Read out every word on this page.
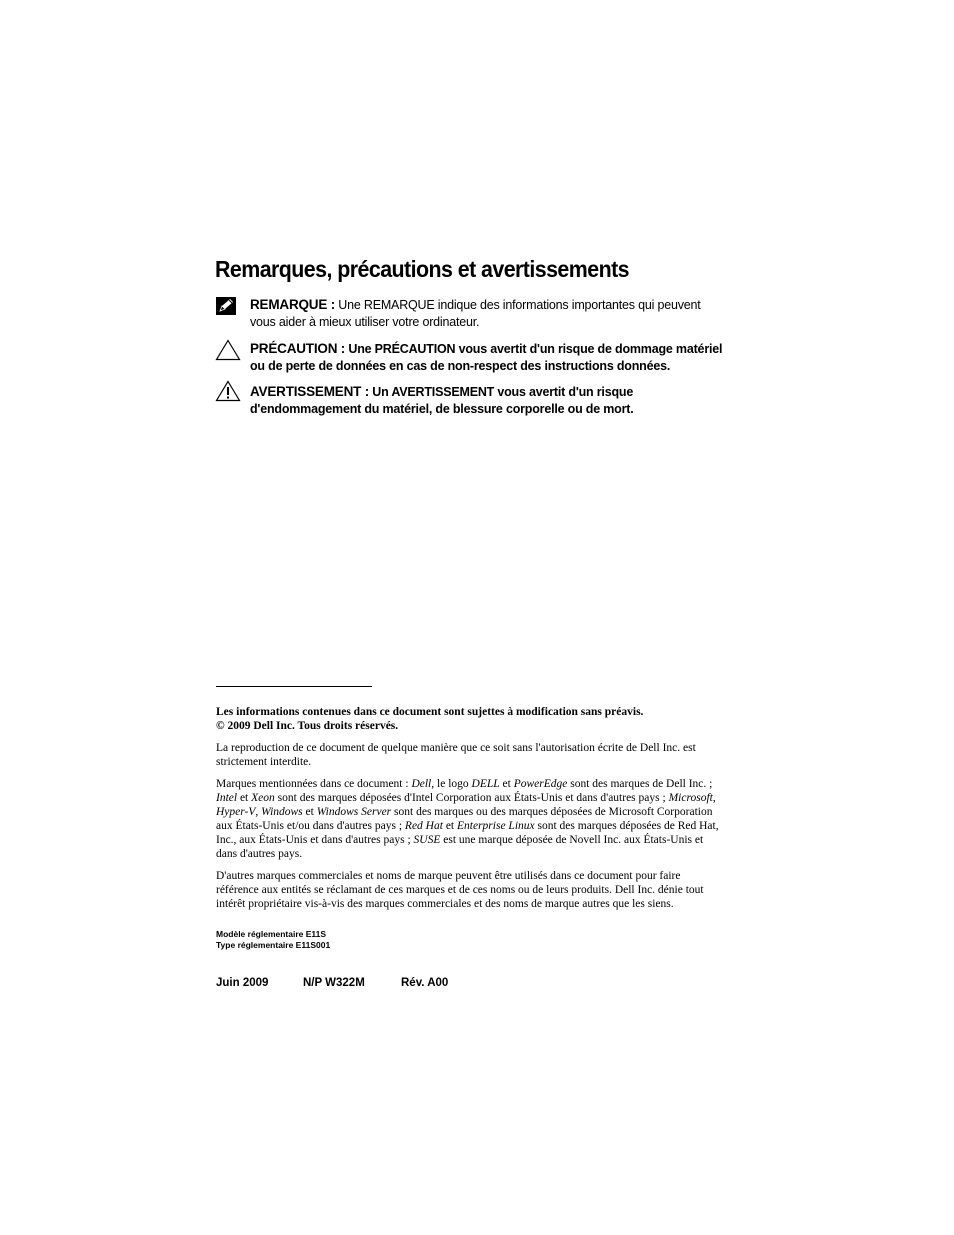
Remarques, précautions et avertissements
REMARQUE : Une REMARQUE indique des informations importantes qui peuvent
vous aider à mieux utiliser votre ordinateur.
PRÉCAUTION : Une PRÉCAUTION vous avertit d'un risque de dommage matériel
ou de perte de données en cas de non-respect des instructions données.
AVERTISSEMENT : Un AVERTISSEMENT vous avertit d'un risque
d'endommagement du matériel, de blessure corporelle ou de mort.

Les informations contenues dans ce document sont sujettes à modification sans préavis.
© 2009 Dell Inc. Tous droits réservés.

La reproduction de ce document de quelque manière que ce soit sans l'autorisation écrite de Dell Inc. est strictement interdite.

Marques mentionnées dans ce document : Dell, le logo DELL et PowerEdge sont des marques de Dell Inc. ; Intel et Xeon sont des marques déposées d'Intel Corporation aux États-Unis et dans d'autres pays ; Microsoft, Hyper-V, Windows et Windows Server sont des marques ou des marques déposées de Microsoft Corporation aux États-Unis et/ou dans d'autres pays ; Red Hat et Enterprise Linux sont des marques déposées de Red Hat, Inc., aux États-Unis et dans d'autres pays ; SUSE est une marque déposée de Novell Inc. aux États-Unis et dans d'autres pays.

D'autres marques commerciales et noms de marque peuvent être utilisés dans ce document pour faire référence aux entités se réclamant de ces marques et de ces noms ou de leurs produits. Dell Inc. dénie tout intérêt propriétaire vis-à-vis des marques commerciales et des noms de marque autres que les siens.

Modèle réglementaire E11S
Type réglementaire E11S001
Juin 2009	N/P W322M	Rév. A00
